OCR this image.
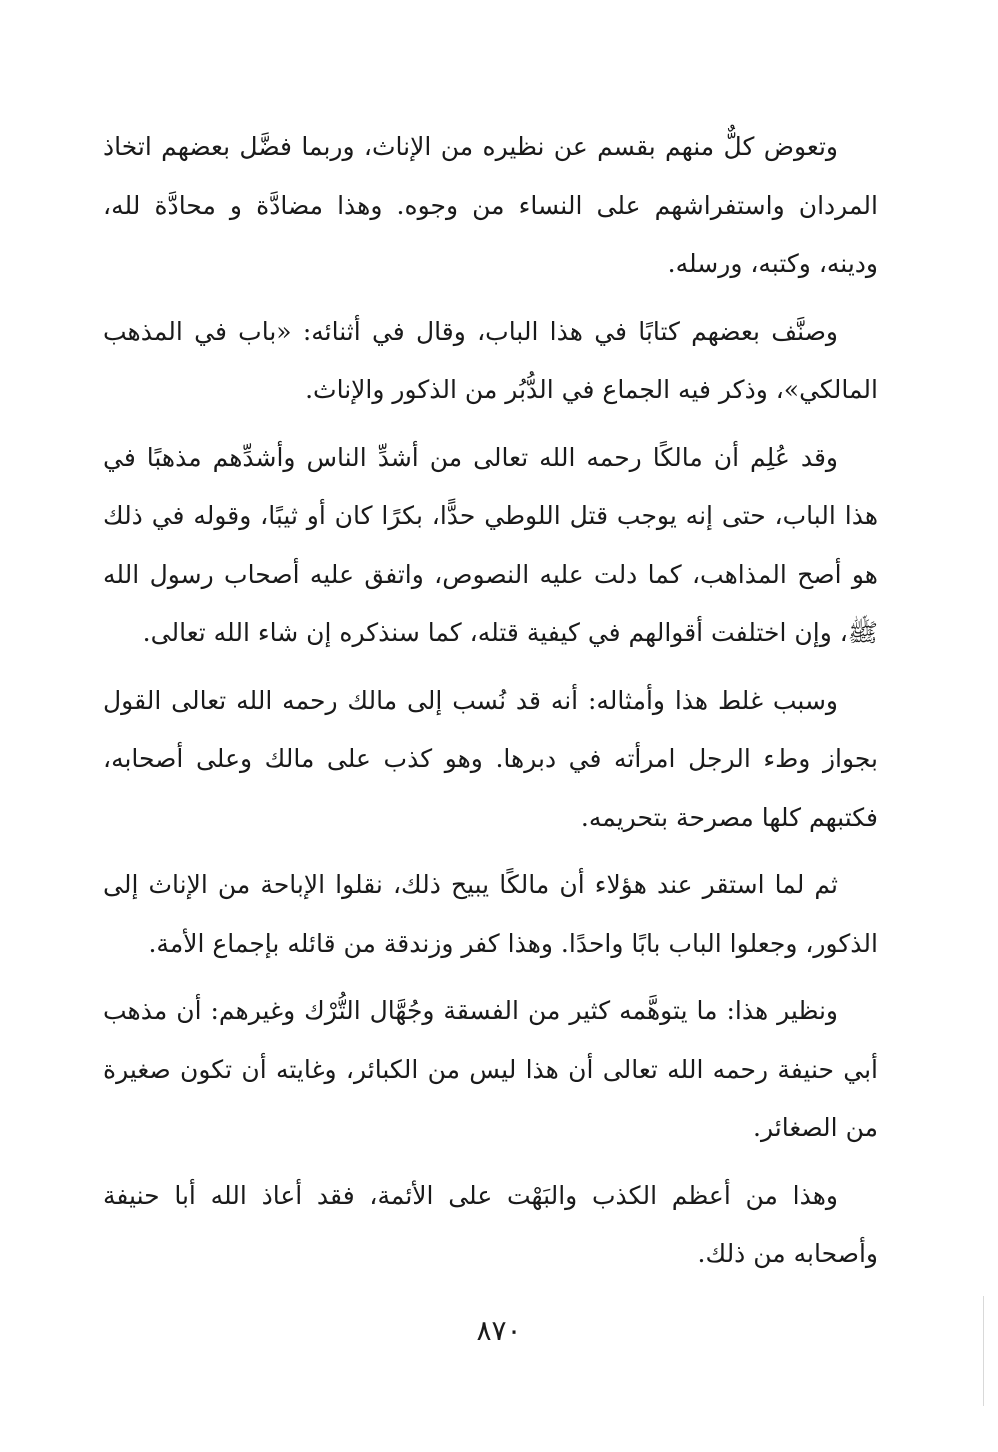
وتعوض كلٌّ منهم بقسم عن نظيره من الإناث، وربما فضَّل بعضهم اتخاذ المردان واستفراشهم على النساء من وجوه. وهذا مضادَّة و محادَّة لله، ودينه، وكتبه، ورسله.

وصنَّف بعضهم كتابًا في هذا الباب، وقال في أثنائه: «باب في المذهب المالكي»، وذكر فيه الجماع في الدُّبُر من الذكور والإناث.

وقد عُلِم أن مالكًا رحمه الله تعالى من أشدِّ الناس وأشدِّهم مذهبًا في هذا الباب، حتى إنه يوجب قتل اللوطي حدًّا، بكرًا كان أو ثيبًا، وقوله في ذلك هو أصح المذاهب، كما دلت عليه النصوص، واتفق عليه أصحاب رسول الله ﷺ، وإن اختلفت أقوالهم في كيفية قتله، كما سنذكره إن شاء الله تعالى.

وسبب غلط هذا وأمثاله: أنه قد نُسب إلى مالك رحمه الله تعالى القول بجواز وطء الرجل امرأته في دبرها. وهو كذب على مالك وعلى أصحابه، فكتبهم كلها مصرحة بتحريمه.

ثم لما استقر عند هؤلاء أن مالكًا يبيح ذلك، نقلوا الإباحة من الإناث إلى الذكور، وجعلوا الباب بابًا واحدًا. وهذا كفر وزندقة من قائله بإجماع الأمة.

ونظير هذا: ما يتوهَّمه كثير من الفسقة وجُهَّال التُّرْك وغيرهم: أن مذهب أبي حنيفة رحمه الله تعالى أن هذا ليس من الكبائر، وغايته أن تكون صغيرة من الصغائر.

وهذا من أعظم الكذب والبَهْت على الأئمة، فقد أعاذ الله أبا حنيفة وأصحابه من ذلك.

٨٧٠
